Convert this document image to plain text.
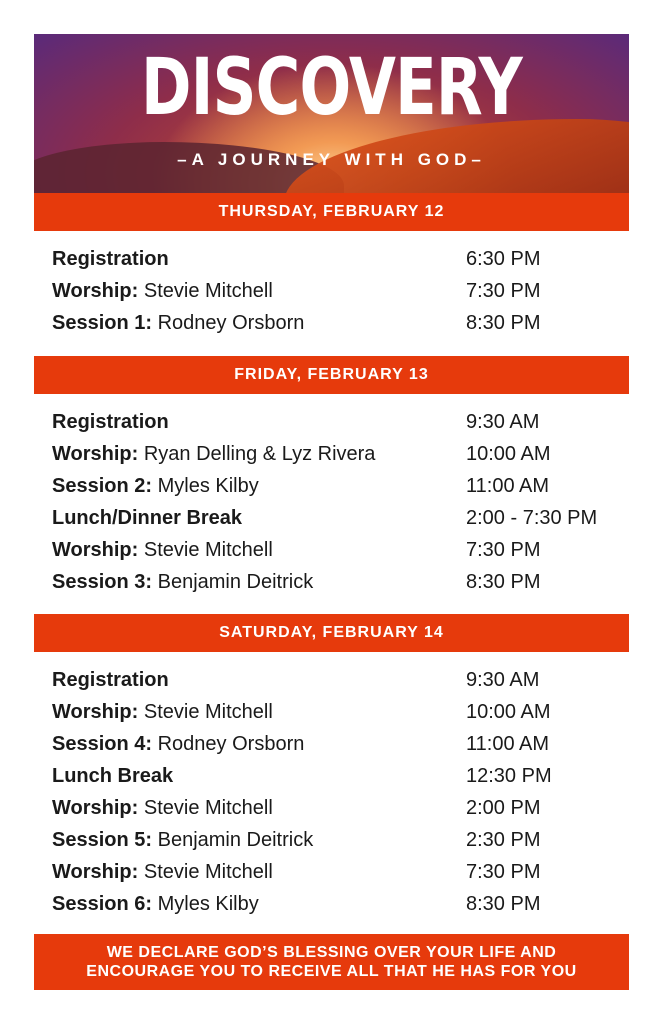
DISCOVERY
–A JOURNEY WITH GOD–
THURSDAY, FEBRUARY 12
Registration	6:30 PM
Worship: Stevie Mitchell	7:30 PM
Session 1: Rodney Orsborn	8:30 PM
FRIDAY, FEBRUARY 13
Registration	9:30 AM
Worship: Ryan Delling & Lyz Rivera	10:00 AM
Session 2: Myles Kilby	11:00 AM
Lunch/Dinner Break	2:00 - 7:30 PM
Worship: Stevie Mitchell	7:30 PM
Session 3: Benjamin Deitrick	8:30 PM
SATURDAY, FEBRUARY 14
Registration	9:30 AM
Worship: Stevie Mitchell	10:00 AM
Session 4: Rodney Orsborn	11:00 AM
Lunch Break	12:30 PM
Worship: Stevie Mitchell	2:00 PM
Session 5: Benjamin Deitrick	2:30 PM
Worship: Stevie Mitchell	7:30 PM
Session 6: Myles Kilby	8:30 PM
WE DECLARE GOD’S BLESSING OVER YOUR LIFE AND
ENCOURAGE YOU TO RECEIVE ALL THAT HE HAS FOR YOU
